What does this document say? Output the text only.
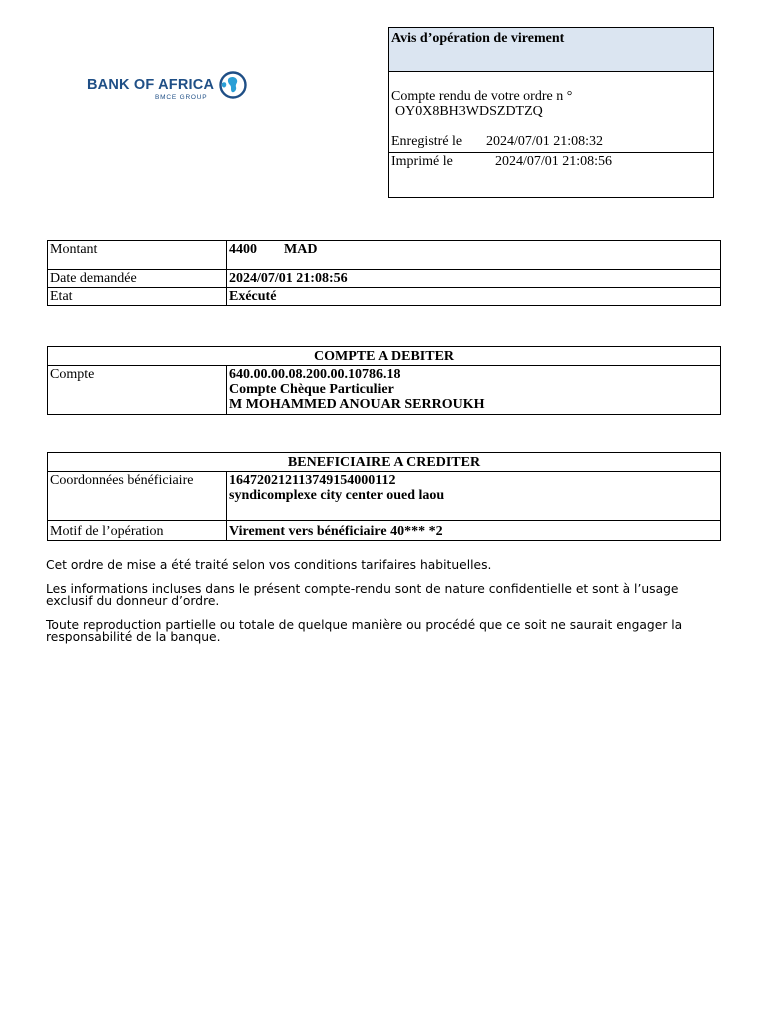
BANK OF AFRICA
BMCE GROUP
Avis d’opération de virement
Compte rendu de votre ordre n °
OY0X8BH3WDSZDTZQ
Enregistré le 2024/07/01 21:08:32
Imprimé le	2024/07/01 21:08:56
Montant	4400 MAD
Date demandée	2024/07/01 21:08:56
Etat	Exécuté
COMPTE A DEBITER
Compte	640.00.00.08.200.00.10786.18
Compte Chèque Particulier
M MOHAMMED ANOUAR SERROUKH
BENEFICIAIRE A CREDITER	
Coordonnées bénéficiaire	164720212113749154000112
syndicomplexe city center oued laou

Motif de l’opération	Virement vers bénéficiaire 40*** *2

Cet ordre de mise a été traité selon vos conditions tarifaires habituelles.

Les informations incluses dans le présent compte-rendu sont de nature confidentielle et sont à l’usage exclusif du donneur d’ordre.

Toute reproduction partielle ou totale de quelque manière ou procédé que ce soit ne saurait engager la responsabilité de la banque.
